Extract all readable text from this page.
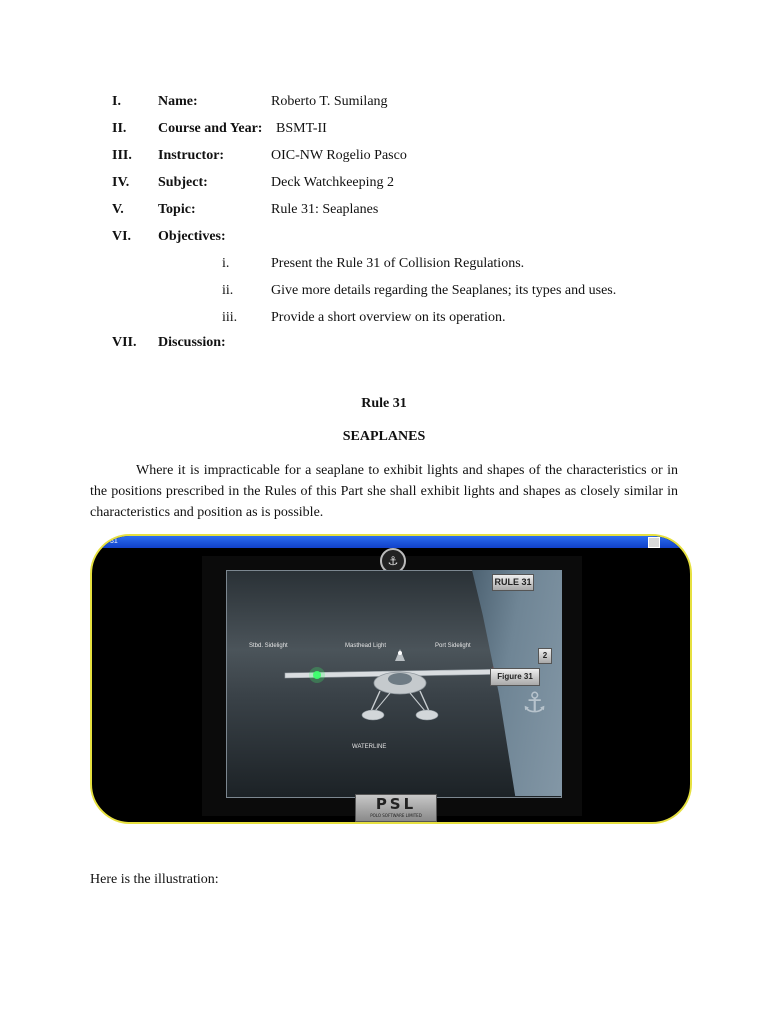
I.	Name:	Roberto T. Sumilang
II. Course and Year: BSMT-II
III. Instructor:	OIC-NW Rogelio Pasco
IV. Subject:	Deck Watchkeeping 2
V. Topic:	Rule 31: Seaplanes
VI. Objectives:
i.	Present the Rule 31 of Collision Regulations.
ii.	Give more details regarding the Seaplanes; its types and uses.
iii. Provide a short overview on its operation.
VII. Discussion:
Rule 31
SEAPLANES

Where it is impracticable for a seaplane to exhibit lights and shapes of the characteristics or in the positions prescribed in the Rules of this Part she shall exhibit lights and shapes as closely similar in characteristics and position as is possible.

31
⚓
Stbd. Sidelight	Masthead Light	Port Sidelight
WATERLINE
RULE 31
2
Figure 31
⚓
PSL
POLO SOFTWARE LIMITED
Here is the illustration:
